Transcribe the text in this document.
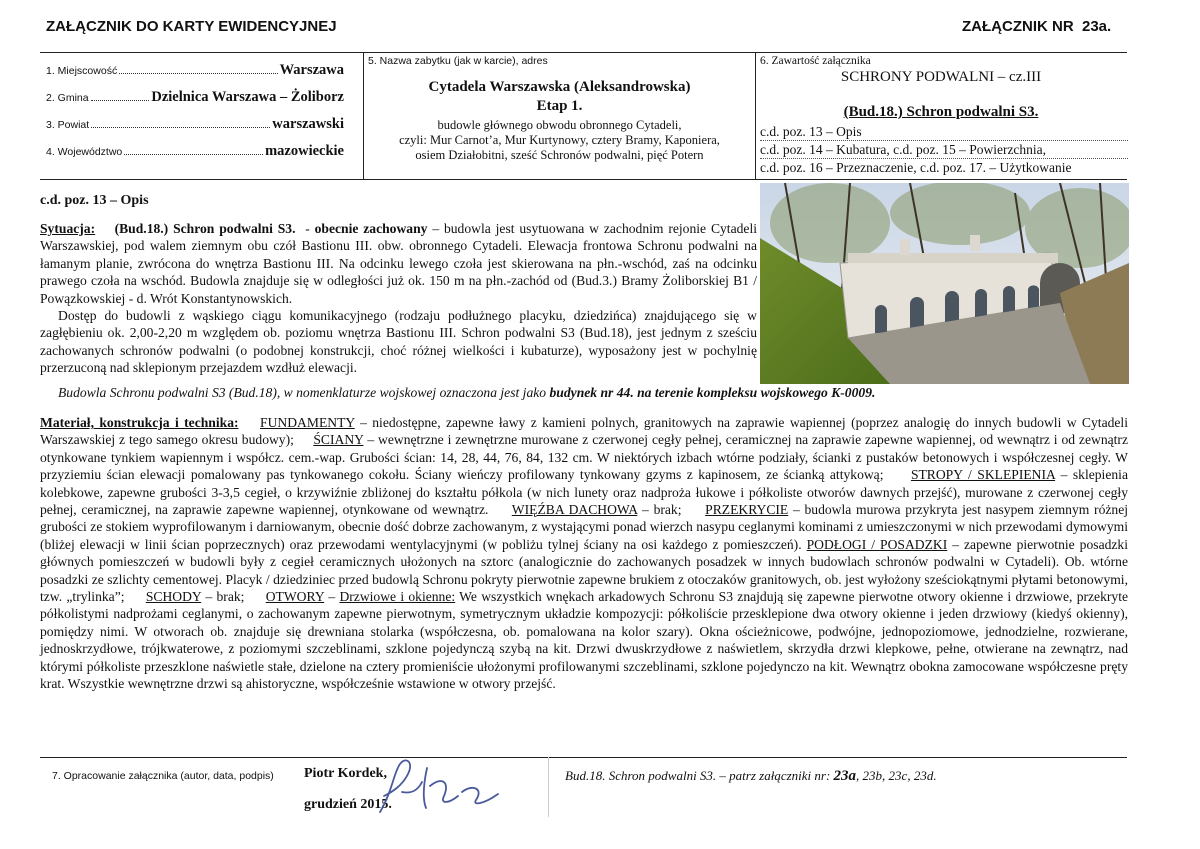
ZAŁĄCZNIK DO KARTY EWIDENCYJNEJ	ZAŁĄCZNIK NR 23a.
1. Miejscowość	Warszawa
2. Gmina	Dzielnica Warszawa – Żoliborz
3. Powiat	warszawski
4. Województwo	mazowieckie
5. Nazwa zabytku (jak w karcie), adres
Cytadela Warszawska (Aleksandrowska)
Etap 1.
budowle głównego obwodu obronnego Cytadeli,
czyli: Mur Carnot’a, Mur Kurtynowy, cztery Bramy, Kaponiera,
osiem Działobitni, sześć Schronów podwalni, pięć Potern
6. Zawartość załącznika
SCHRONY PODWALNI – cz.III
(Bud.18.) Schron podwalni S3.
c.d. poz. 13 – Opis
c.d. poz. 14 – Kubatura, c.d. poz. 15 – Powierzchnia,
c.d. poz. 16 – Przeznaczenie, c.d. poz. 17. – Użytkowanie
c.d. poz. 13 – Opis

Sytuacja: (Bud.18.) Schron podwalni S3.  - obecnie zachowany – budowla jest usytuowana w zachodnim rejonie Cytadeli Warszawskiej, pod walem ziemnym obu czół Bastionu III. obw. obronnego Cytadeli. Elewacja frontowa Schronu podwalni na łamanym planie, zwrócona do wnętrza Bastionu III. Na odcinku lewego czoła jest skierowana na płn.-wschód, zaś na odcinku prawego czoła na wschód. Budowla znajduje się w odległości już ok. 150 m na płn.-zachód od (Bud.3.) Bramy Żoliborskiej B1 / Powązkowskiej - d. Wrót Konstantynowskich.

Dostęp do budowli z wąskiego ciągu komunikacyjnego (rodzaju podłużnego placyku, dziedzińca) znajdującego się w zagłębieniu ok. 2,00-2,20 m względem ob. poziomu wnętrza Bastionu III. Schron podwalni S3 (Bud.18), jest jednym z sześciu zachowanych schronów podwalni (o podobnej konstrukcji, choć różnej wielkości i kubaturze), wyposażony jest w pochylnię przerzuconą nad sklepionym przejazdem wzdłuż elewacji.

Budowla Schronu podwalni S3 (Bud.18), w nomenklaturze wojskowej oznaczona jest jako budynek nr 44. na terenie kompleksu wojskowego K-0009.
Materiał, konstrukcja i technika: FUNDAMENTY – niedostępne, zapewne ławy z kamieni polnych, granitowych na zaprawie wapiennej (poprzez analogię do innych budowli w Cytadeli Warszawskiej z tego samego okresu budowy); ŚCIANY – wewnętrzne i zewnętrzne murowane z czerwonej cegły pełnej, ceramicznej na zaprawie zapewne wapiennej, od wewnątrz i od zewnątrz otynkowane tynkiem wapiennym i współcz. cem.-wap. Grubości ścian: 14, 28, 44, 76, 84, 132 cm. W niektórych izbach wtórne podziały, ścianki z pustaków betonowych i współczesnej cegły. W przyziemiu ścian elewacji pomalowany pas tynkowanego cokołu. Ściany wieńczy profilowany tynkowany gzyms z kapinosem, ze ścianką attykową; STROPY / SKLEPIENIA – sklepienia kolebkowe, zapewne grubości 3-3,5 cegieł, o krzywiźnie zbliżonej do kształtu półkola (w nich lunety oraz nadproża łukowe i półkoliste otworów dawnych przejść), murowane z czerwonej cegły pełnej, ceramicznej, na zaprawie zapewne wapiennej, otynkowane od wewnątrz. WIĘŹBA DACHOWA – brak; PRZEKRYCIE – budowla murowa przykryta jest nasypem ziemnym różnej grubości ze stokiem wyprofilowanym i darniowanym, obecnie dość dobrze zachowanym, z wystającymi ponad wierzch nasypu ceglanymi kominami z umieszczonymi w nich przewodami dymowymi (bliżej elewacji w linii ścian poprzecznych) oraz przewodami wentylacyjnymi (w pobliżu tylnej ściany na osi każdego z pomieszczeń). PODŁOGI / POSADZKI – zapewne pierwotnie posadzki głównych pomieszczeń w budowli były z cegieł ceramicznych ułożonych na sztorc (analogicznie do zachowanych posadzek w innych budowlach schronów podwalni w Cytadeli). Ob. wtórne posadzki ze szlichty cementowej. Placyk / dziedziniec przed budowlą Schronu pokryty pierwotnie zapewne brukiem z otoczaków granitowych, ob. jest wyłożony sześciokątnymi płytami betonowymi, tzw. „trylinka”; SCHODY – brak; OTWORY – Drzwiowe i okienne: We wszystkich wnękach arkadowych Schronu S3 znajdują się zapewne pierwotne otwory okienne i drzwiowe, przekryte półkolistymi nadprożami ceglanymi, o zachowanym zapewne pierwotnym, symetrycznym układzie kompozycji: półkoliście przesklepione dwa otwory okienne i jeden drzwiowy (kiedyś okienny), pomiędzy nimi. W otworach ob. znajduje się drewniana stolarka (współczesna, ob. pomalowana na kolor szary). Okna ościeżnicowe, podwójne, jednopoziomowe, jednodzielne, rozwierane, jednoskrzydłowe, trójkwaterowe, z poziomymi szczeblinami, szklone pojedynczą szybą na kit. Drzwi dwuskrzydłowe z naświetlem, skrzydła drzwi klepkowe, pełne, otwierane na zewnątrz, nad którymi półkoliste przeszklone naświetle stałe, dzielone na cztery promieniście ułożonymi profilowanymi szczeblinami, szklone pojedynczo na kit. Wewnątrz obokna zamocowane współczesne pręty krat. Wszystkie wewnętrzne drzwi są ahistoryczne, współcześnie wstawione w otwory przejść.
7. Opracowanie załącznika (autor, data, podpis) Piotr Kordek,
grudzień 2015.
Bud.18. Schron podwalni S3. – patrz załączniki nr: 23a, 23b, 23c, 23d.
